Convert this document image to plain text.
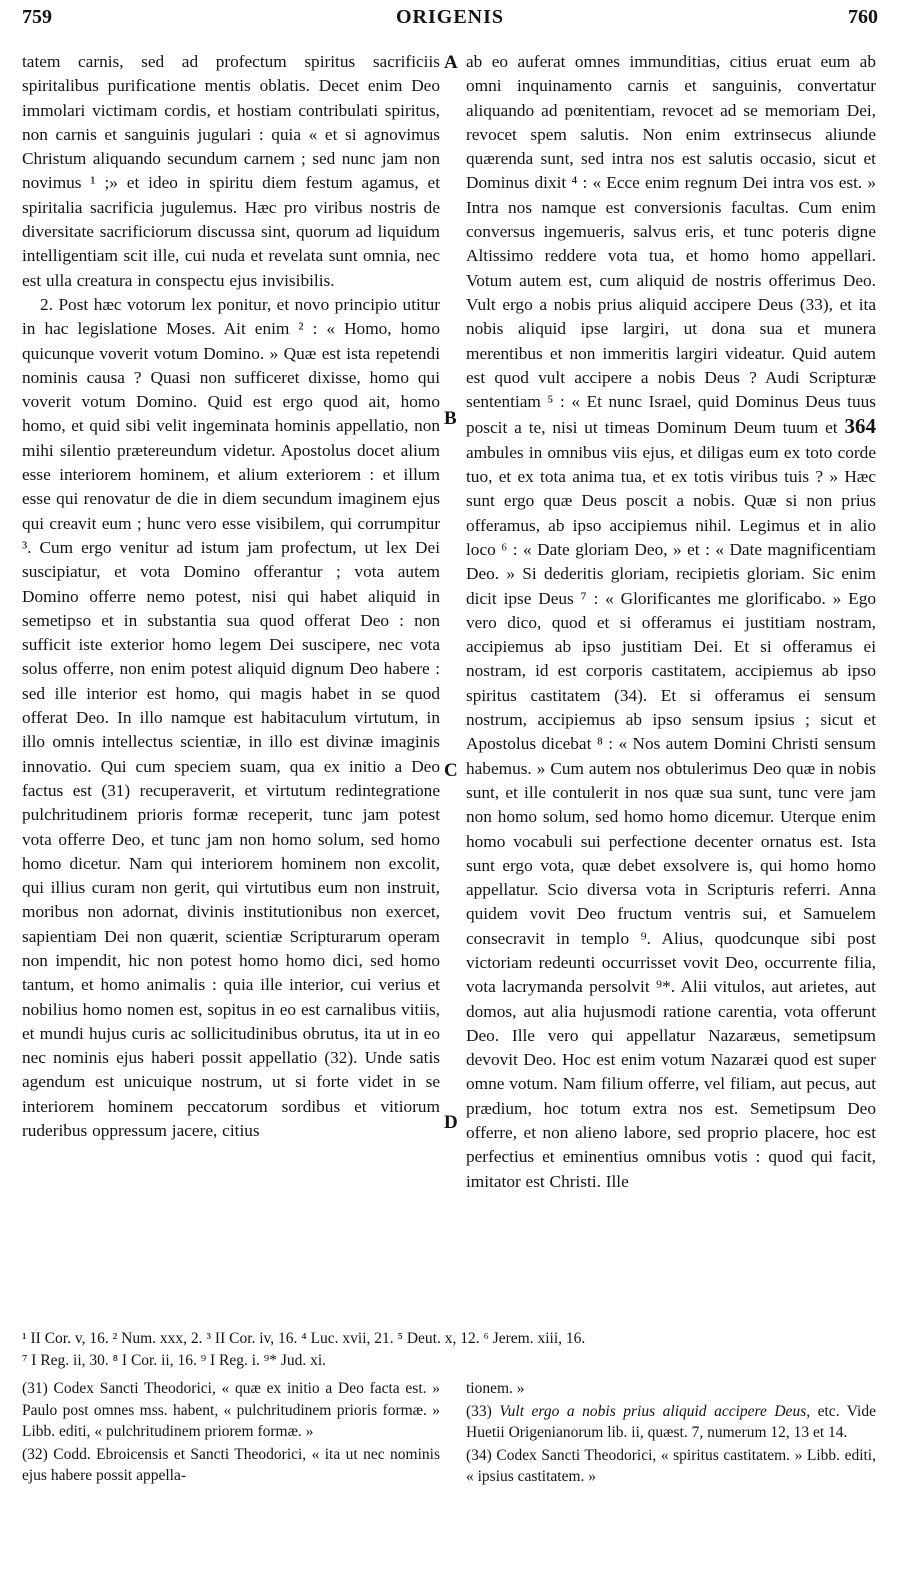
759	ORIGENIS	760

tatem carnis, sed ad profectum spiritus sacrificiis spiritalibus purificatione mentis oblatis. Decet enim Deo immolari victimam cordis, et hostiam contribulati spiritus, non carnis et sanguinis jugulari : quia « et si agnovimus Christum aliquando secundum carnem ; sed nunc jam non novimus ¹ ;» et ideo in spiritu diem festum agamus, et spiritalia sacrificia jugulemus. Hæc pro viribus nostris de diversitate sacrificiorum discussa sint, quorum ad liquidum intelligentiam scit ille, cui nuda et revelata sunt omnia, nec est ulla creatura in conspectu ejus invisibilis.

2. Post hæc votorum lex ponitur, et novo principio utitur in hac legislatione Moses. Ait enim ² : « Homo, homo quicunque voverit votum Domino. » Quæ est ista repetendi nominis causa ? Quasi non sufficeret dixisse, homo qui voverit votum Domino. Quid est ergo quod ait, homo homo, et quid sibi velit ingeminata hominis appellatio, non mihi silentio prætereundum videtur. Apostolus docet alium esse interiorem hominem, et alium exteriorem : et illum esse qui renovatur de die in diem secundum imaginem ejus qui creavit eum ; hunc vero esse visibilem, qui corrumpitur ³. Cum ergo venitur ad istum jam profectum, ut lex Dei suscipiatur, et vota Domino offerantur ; vota autem Domino offerre nemo potest, nisi qui habet aliquid in semetipso et in substantia sua quod offerat Deo : non sufficit iste exterior homo legem Dei suscipere, nec vota solus offerre, non enim potest aliquid dignum Deo habere : sed ille interior est homo, qui magis habet in se quod offerat Deo. In illo namque est habitaculum virtutum, in illo omnis intellectus scientiæ, in illo est divinæ imaginis innovatio. Qui cum speciem suam, qua ex initio a Deo factus est (31) recuperaverit, et virtutum redintegratione pulchritudinem prioris formæ receperit, tunc jam potest vota offerre Deo, et tunc jam non homo solum, sed homo homo dicetur. Nam qui interiorem hominem non excolit, qui illius curam non gerit, qui virtutibus eum non instruit, moribus non adornat, divinis institutionibus non exercet, sapientiam Dei non quærit, scientiæ Scripturarum operam non impendit, hic non potest homo homo dici, sed homo tantum, et homo animalis : quia ille interior, cui verius et nobilius homo nomen est, sopitus in eo est carnalibus vitiis, et mundi hujus curis ac sollicitudinibus obrutus, ita ut in eo nec nominis ejus haberi possit appellatio (32). Unde satis agendum est unicuique nostrum, ut si forte videt in se interiorem hominem peccatorum sordibus et vitiorum ruderibus oppressum jacere, citius

A
B
C
D

ab eo auferat omnes immunditias, citius eruat eum ab omni inquinamento carnis et sanguinis, convertatur aliquando ad pœnitentiam, revocet ad se memoriam Dei, revocet spem salutis. Non enim extrinsecus aliunde quærenda sunt, sed intra nos est salutis occasio, sicut et Dominus dixit ⁴ : « Ecce enim regnum Dei intra vos est. » Intra nos namque est conversionis facultas. Cum enim conversus ingemueris, salvus eris, et tunc poteris digne Altissimo reddere vota tua, et homo homo appellari. Votum autem est, cum aliquid de nostris offerimus Deo. Vult ergo a nobis prius aliquid accipere Deus (33), et ita nobis aliquid ipse largiri, ut dona sua et munera merentibus et non immeritis largiri videatur. Quid autem est quod vult accipere a nobis Deus ? Audi Scripturæ sententiam ⁵ : « Et nunc Israel, quid Dominus Deus tuus poscit a te, nisi ut timeas Dominum Deum tuum et 364 ambules in omnibus viis ejus, et diligas eum ex toto corde tuo, et ex tota anima tua, et ex totis viribus tuis ? » Hæc sunt ergo quæ Deus poscit a nobis. Quæ si non prius offeramus, ab ipso accipiemus nihil. Legimus et in alio loco ⁶ : « Date gloriam Deo, » et : « Date magnificentiam Deo. » Si dederitis gloriam, recipietis gloriam. Sic enim dicit ipse Deus ⁷ : « Glorificantes me glorificabo. » Ego vero dico, quod et si offeramus ei justitiam nostram, accipiemus ab ipso justitiam Dei. Et si offeramus ei nostram, id est corporis castitatem, accipiemus ab ipso spiritus castitatem (34). Et si offeramus ei sensum nostrum, accipiemus ab ipso sensum ipsius ; sicut et Apostolus dicebat ⁸ : « Nos autem Domini Christi sensum habemus. » Cum autem nos obtulerimus Deo quæ in nobis sunt, et ille contulerit in nos quæ sua sunt, tunc vere jam non homo solum, sed homo homo dicemur. Uterque enim homo vocabuli sui perfectione decenter ornatus est. Ista sunt ergo vota, quæ debet exsolvere is, qui homo homo appellatur. Scio diversa vota in Scripturis referri. Anna quidem vovit Deo fructum ventris sui, et Samuelem consecravit in templo ⁹. Alius, quodcunque sibi post victoriam redeunti occurrisset vovit Deo, occurrente filia, vota lacrymanda persolvit ⁹*. Alii vitulos, aut arietes, aut domos, aut alia hujusmodi ratione carentia, vota offerunt Deo. Ille vero qui appellatur Nazaræus, semetipsum devovit Deo. Hoc est enim votum Nazaræi quod est super omne votum. Nam filium offerre, vel filiam, aut pecus, aut prædium, hoc totum extra nos est. Semetipsum Deo offerre, et non alieno labore, sed proprio placere, hoc est perfectius et eminentius omnibus votis : quod qui facit, imitator est Christi. Ille

¹ II Cor. v, 16. ² Num. xxx, 2. ³ II Cor. iv, 16. ⁴ Luc. xvii, 21. ⁵ Deut. x, 12. ⁶ Jerem. xiii, 16.
⁷ I Reg. ii, 30. ⁸ I Cor. ii, 16. ⁹ I Reg. i. ⁹* Jud. xi.

(31) Codex Sancti Theodorici, « quæ ex initio a Deo facta est. » Paulo post omnes mss. habent, « pulchritudinem prioris formæ. » Libb. editi, « pulchritudinem priorem formæ. »

(32) Codd. Ebroicensis et Sancti Theodorici, « ita ut nec nominis ejus habere possit appella-

tionem. »

(33) Vult ergo a nobis prius aliquid accipere Deus, etc. Vide Huetii Origenianorum lib. ii, quæst. 7, numerum 12, 13 et 14.

(34) Codex Sancti Theodorici, « spiritus castitatem. » Libb. editi, « ipsius castitatem. »
